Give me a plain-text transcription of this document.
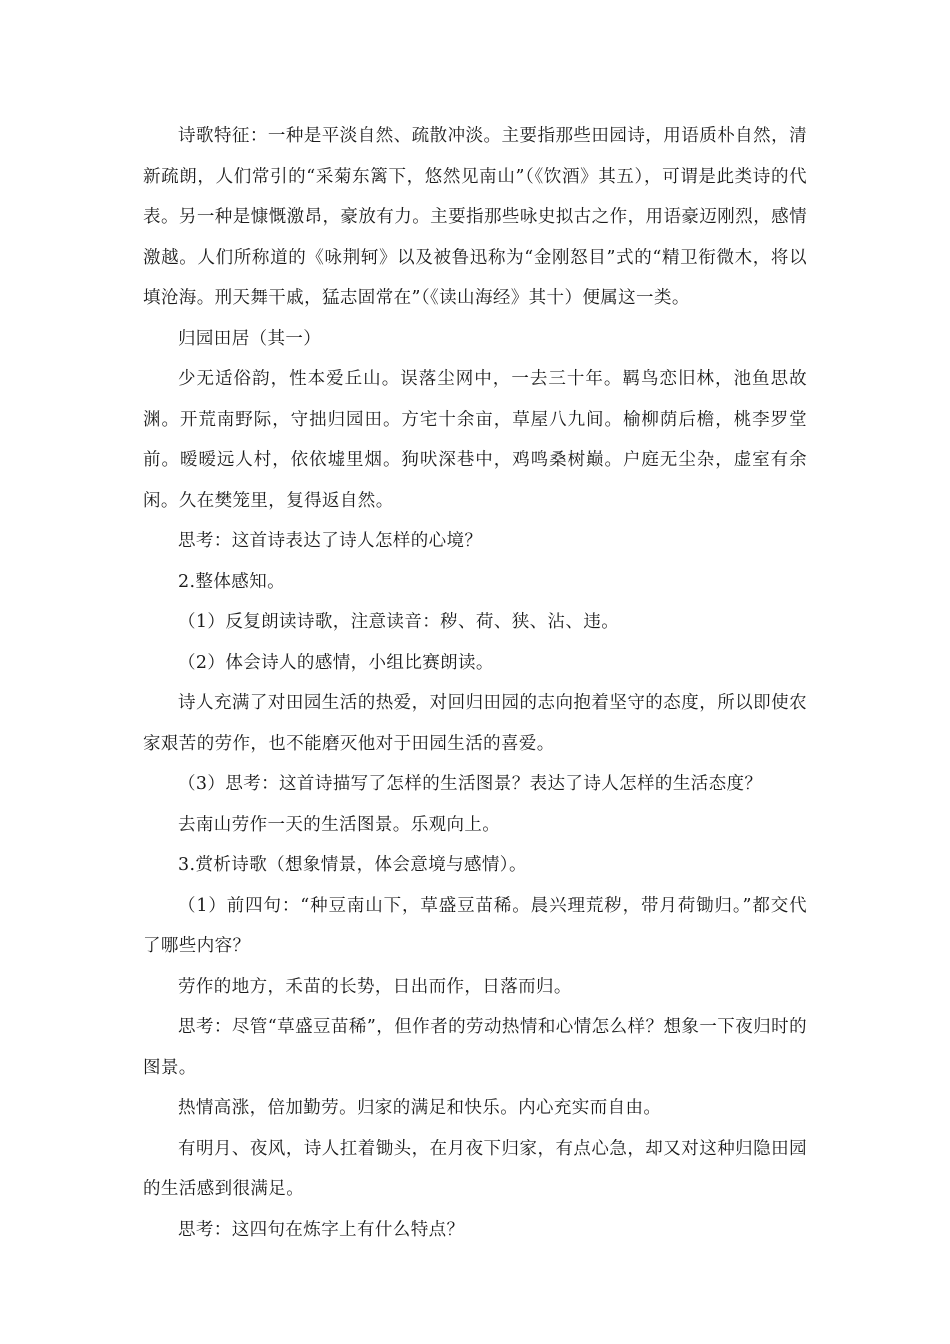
诗歌特征：一种是平淡自然、疏散冲淡。主要指那些田园诗，用语质朴自然，清新疏朗，人们常引的“采菊东篱下，悠然见南山”（《饮酒》其五），可谓是此类诗的代表。另一种是慷慨激昂，豪放有力。主要指那些咏史拟古之作，用语豪迈刚烈，感情激越。人们所称道的《咏荆轲》以及被鲁迅称为“金刚怒目”式的“精卫衔微木，将以填沧海。刑天舞干戚，猛志固常在”（《读山海经》其十）便属这一类。

归园田居（其一）

少无适俗韵，性本爱丘山。误落尘网中，一去三十年。羁鸟恋旧林，池鱼思故渊。开荒南野际，守拙归园田。方宅十余亩，草屋八九间。榆柳荫后檐，桃李罗堂前。暧暧远人村，依依墟里烟。狗吠深巷中，鸡鸣桑树巅。户庭无尘杂，虚室有余闲。久在樊笼里，复得返自然。

思考：这首诗表达了诗人怎样的心境？

2.整体感知。

（1）反复朗读诗歌，注意读音：秽、荷、狭、沾、违。

（2）体会诗人的感情，小组比赛朗读。

诗人充满了对田园生活的热爱，对回归田园的志向抱着坚守的态度，所以即使农家艰苦的劳作，也不能磨灭他对于田园生活的喜爱。

（3）思考：这首诗描写了怎样的生活图景？表达了诗人怎样的生活态度？

去南山劳作一天的生活图景。乐观向上。

3.赏析诗歌（想象情景，体会意境与感情）。

（1）前四句：“种豆南山下，草盛豆苗稀。晨兴理荒秽，带月荷锄归。”都交代了哪些内容？

劳作的地方，禾苗的长势，日出而作，日落而归。

思考：尽管“草盛豆苗稀”，但作者的劳动热情和心情怎么样？想象一下夜归时的图景。

热情高涨，倍加勤劳。归家的满足和快乐。内心充实而自由。

有明月、夜风，诗人扛着锄头，在月夜下归家，有点心急，却又对这种归隐田园的生活感到很满足。

思考：这四句在炼字上有什么特点？
